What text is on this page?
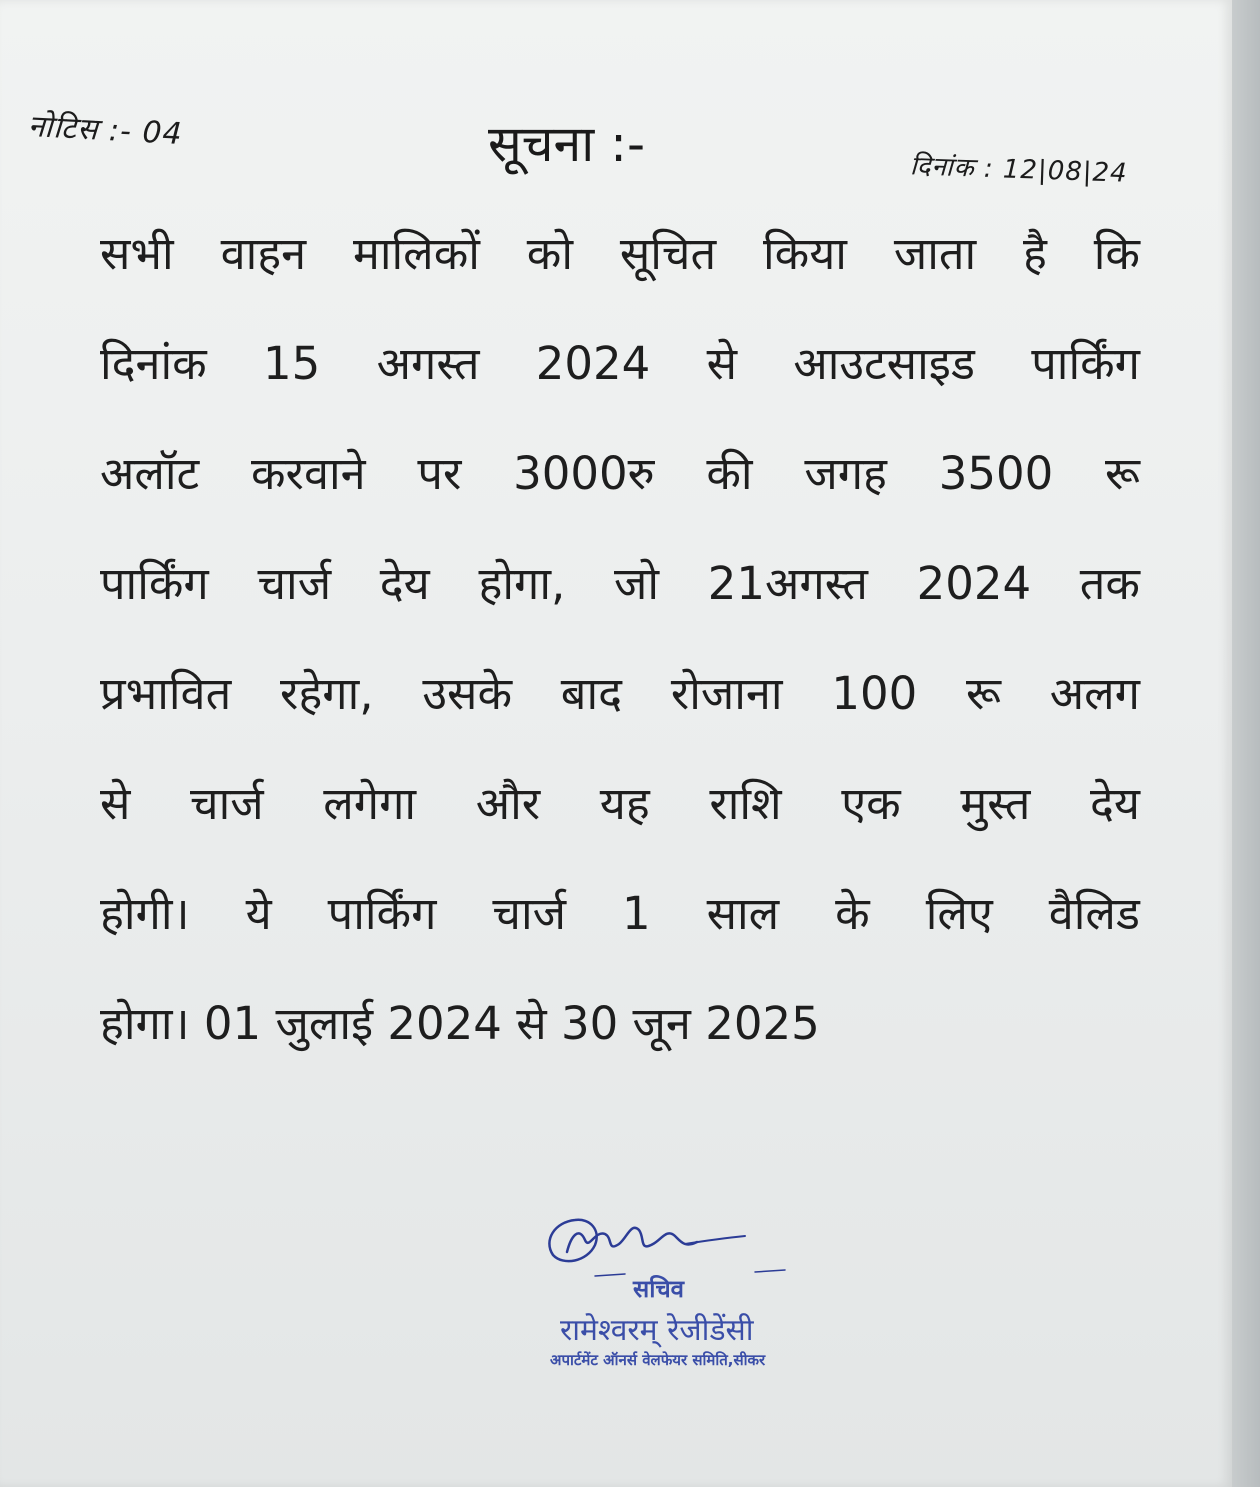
नोटिस :- 04	सूचना :-	दिनांक : 12|08|24
सभी वाहन मालिकों को सूचित किया जाता है कि
दिनांक 15 अगस्त 2024 से आउटसाइड पार्किंग
अलॉट करवाने पर 3000रु की जगह 3500 रू
पार्किंग चार्ज देय होगा, जो 21अगस्त 2024 तक
प्रभावित रहेगा, उसके बाद रोजाना 100 रू अलग
से चार्ज लगेगा और यह राशि एक मुस्त देय
होगी। ये पार्किंग चार्ज 1 साल के लिए वैलिड
होगा। 01 जुलाई 2024 से 30 जून 2025
सचिव
रामेश्वरम् रेजीडेंसी
अपार्टमेंट ऑनर्स वेलफेयर समिति,सीकर
